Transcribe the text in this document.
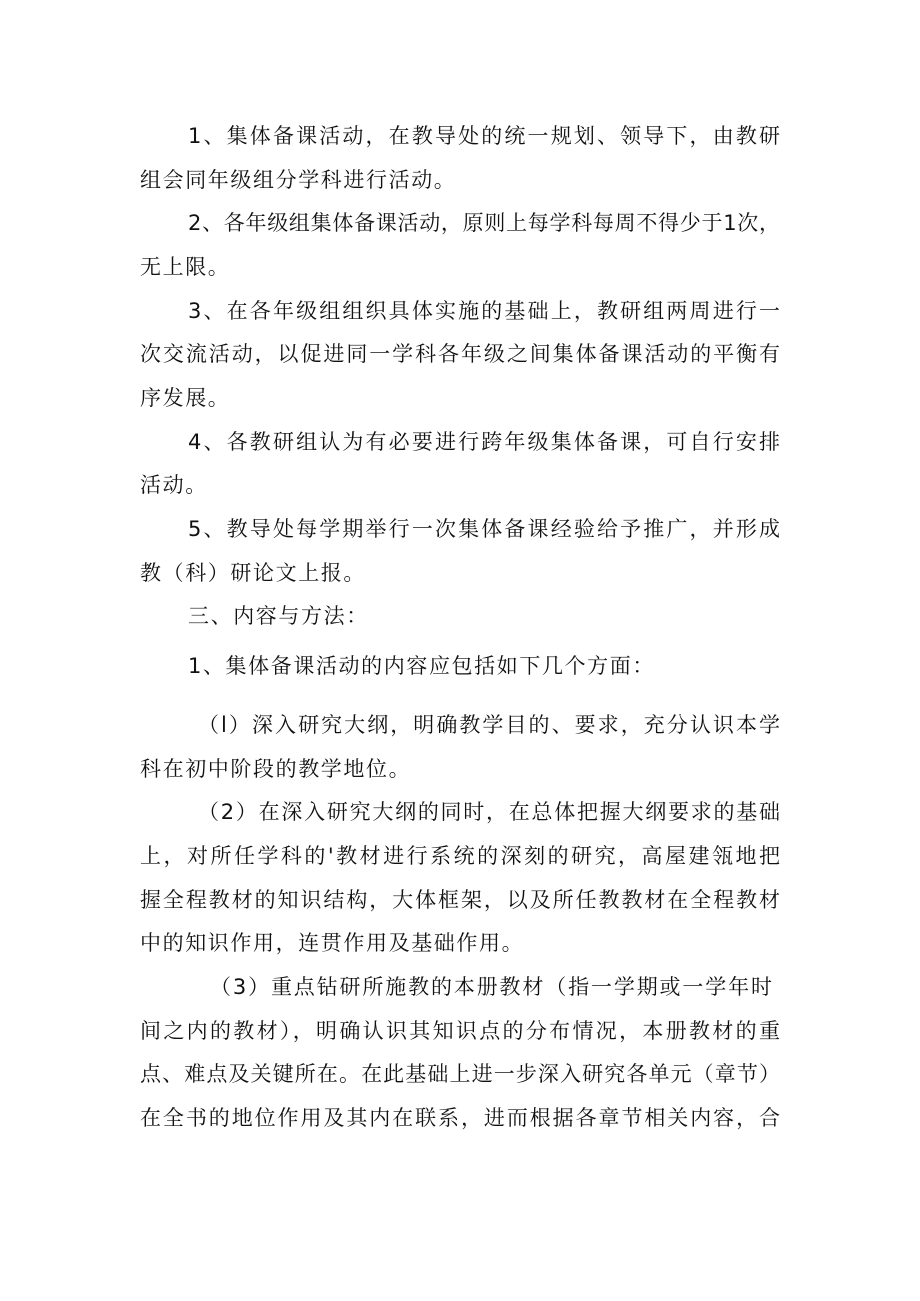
1、集体备课活动，在教导处的统一规划、领导下，由教研
组会同年级组分学科进行活动。
2、各年级组集体备课活动，原则上每学科每周不得少于1次，
无上限。
3、在各年级组组织具体实施的基础上，教研组两周进行一
次交流活动，以促进同一学科各年级之间集体备课活动的平衡有
序发展。
4、各教研组认为有必要进行跨年级集体备课，可自行安排
活动。
5、教导处每学期举行一次集体备课经验给予推广，并形成
教（科）研论文上报。
三、内容与方法：
1、集体备课活动的内容应包括如下几个方面：
（l）深入研究大纲，明确教学目的、要求，充分认识本学
科在初中阶段的教学地位。
（2）在深入研究大纲的同时，在总体把握大纲要求的基础
上，对所任学科的'教材进行系统的深刻的研究，高屋建瓴地把
握全程教材的知识结构，大体框架，以及所任教教材在全程教材
中的知识作用，连贯作用及基础作用。
（3）重点钻研所施教的本册教材（指一学期或一学年时
间之内的教材），明确认识其知识点的分布情况，本册教材的重
点、难点及关键所在。在此基础上进一步深入研究各单元（章节）
在全书的地位作用及其内在联系，进而根据各章节相关内容，合
